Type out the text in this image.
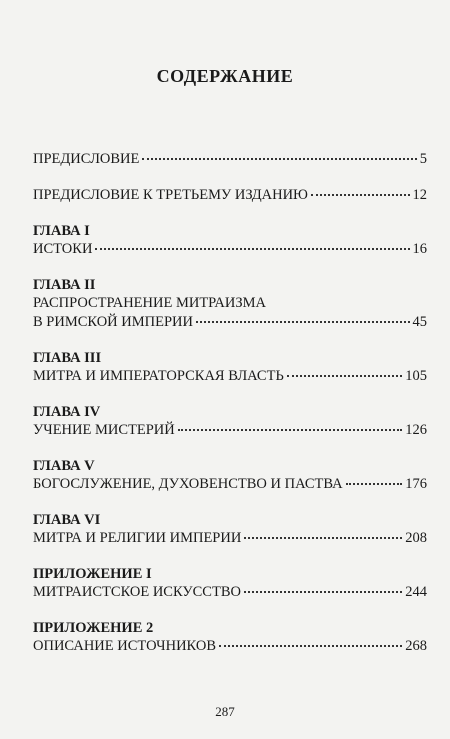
СОДЕРЖАНИЕ
ПРЕДИСЛОВИЕ	5
ПРЕДИСЛОВИЕ К ТРЕТЬЕМУ ИЗДАНИЮ	12
ГЛАВА I
ИСТОКИ	16
ГЛАВА II
РАСПРОСТРАНЕНИЕ МИТРАИЗМА
В РИМСКОЙ ИМПЕРИИ	45
ГЛАВА III
МИТРА И ИМПЕРАТОРСКАЯ ВЛАСТЬ	105
ГЛАВА IV
УЧЕНИЕ МИСТЕРИЙ	126
ГЛАВА V
БОГОСЛУЖЕНИЕ, ДУХОВЕНСТВО И ПАСТВА	176
ГЛАВА VI
МИТРА И РЕЛИГИИ ИМПЕРИИ	208
ПРИЛОЖЕНИЕ I
МИТРАИСТСКОЕ ИСКУССТВО	244
ПРИЛОЖЕНИЕ 2
ОПИСАНИЕ ИСТОЧНИКОВ	268
287
